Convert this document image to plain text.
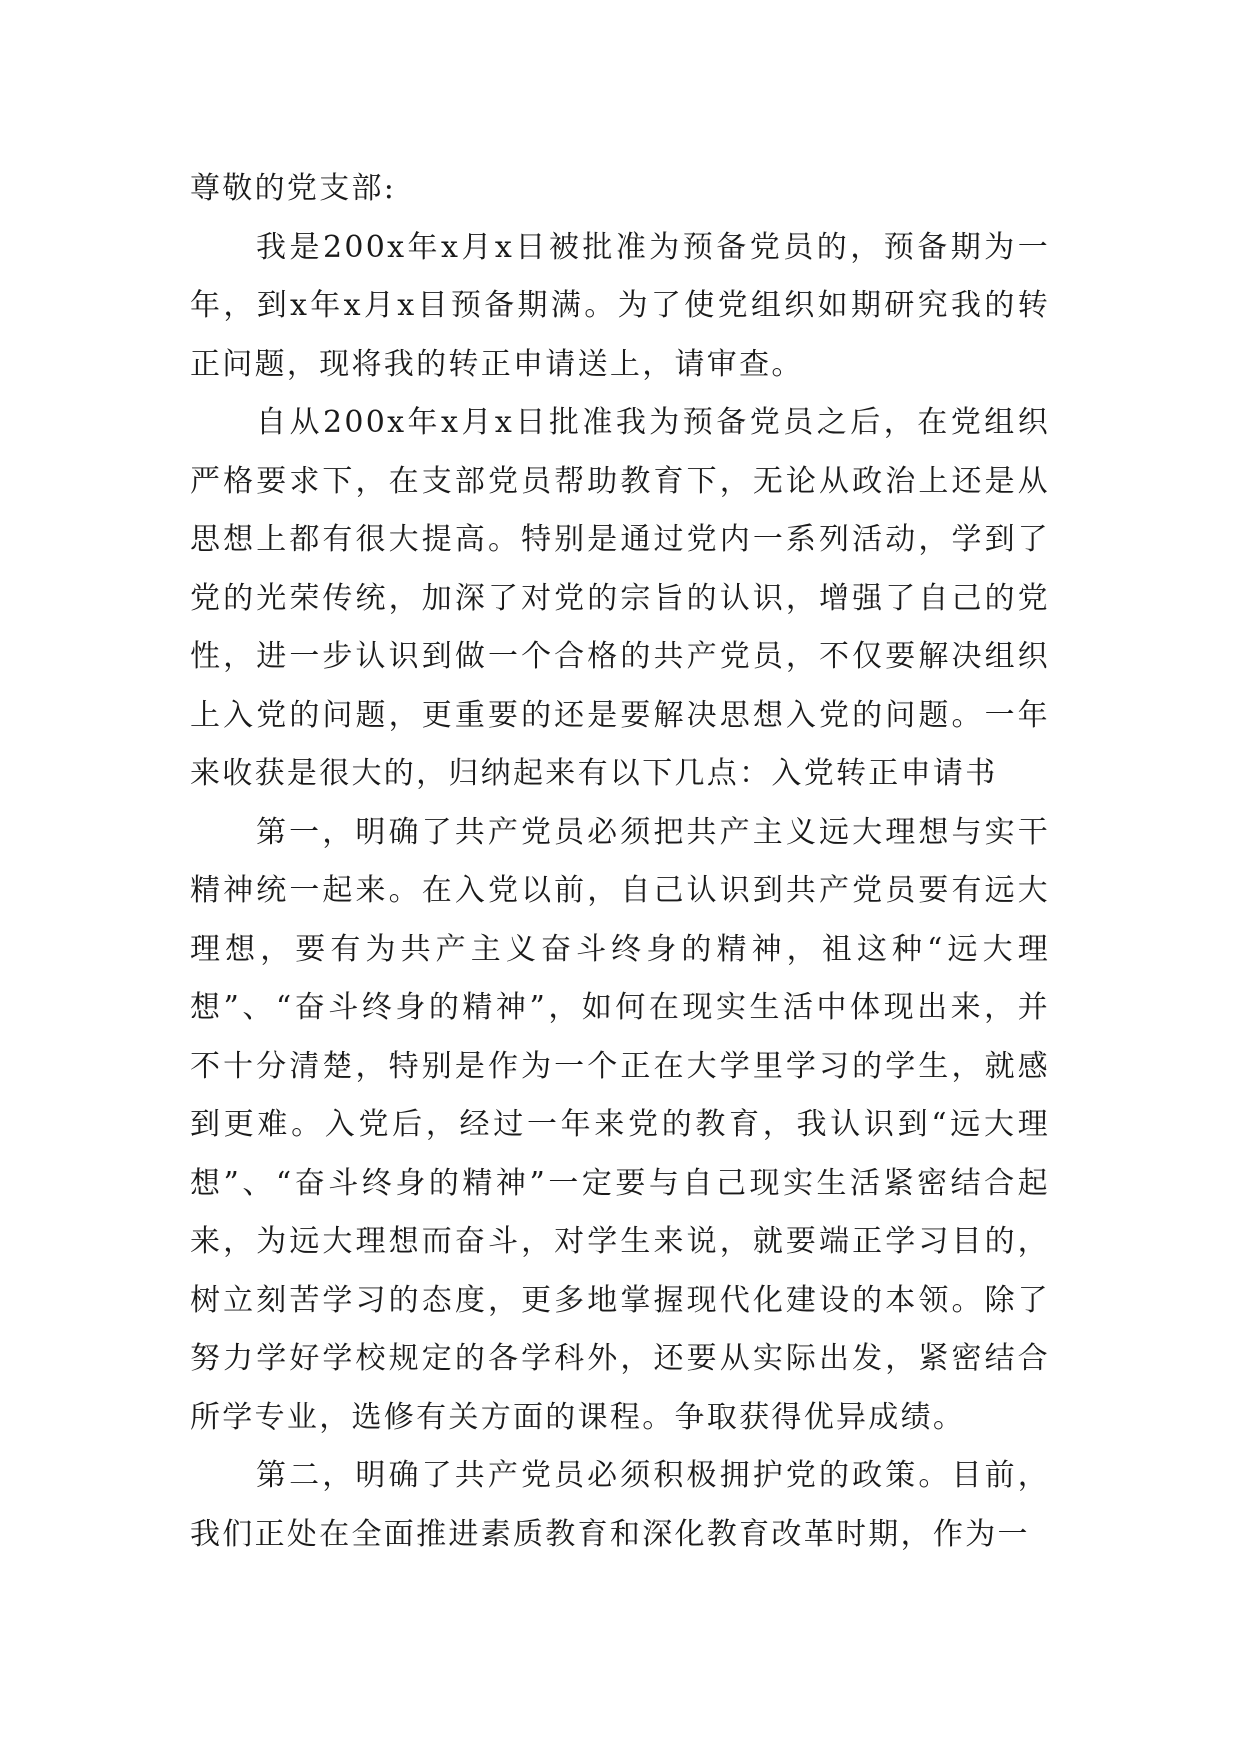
尊敬的党支部:

我是200x年x月x日被批准为预备党员的，预备期为一年，到x年x月x目预备期满。为了使党组织如期研究我的转正问题，现将我的转正申请送上，请审查。

自从200x年x月x日批准我为预备党员之后，在党组织严格要求下，在支部党员帮助教育下，无论从政治上还是从思想上都有很大提高。特别是通过党内一系列活动，学到了党的光荣传统，加深了对党的宗旨的认识，增强了自己的党性，进一步认识到做一个合格的共产党员，不仅要解决组织上入党的问题，更重要的还是要解决思想入党的问题。一年来收获是很大的，归纳起来有以下几点：入党转正申请书

第一，明确了共产党员必须把共产主义远大理想与实干精神统一起来。在入党以前，自己认识到共产党员要有远大理想，要有为共产主义奋斗终身的精神，祖这种“远大理想”、“奋斗终身的精神”，如何在现实生活中体现出来，并不十分清楚，特别是作为一个正在大学里学习的学生，就感到更难。入党后，经过一年来党的教育，我认识到“远大理想”、“奋斗终身的精神”一定要与自己现实生活紧密结合起来，为远大理想而奋斗，对学生来说，就要端正学习目的，树立刻苦学习的态度，更多地掌握现代化建设的本领。除了努力学好学校规定的各学科外，还要从实际出发，紧密结合所学专业，选修有关方面的课程。争取获得优异成绩。

第二，明确了共产党员必须积极拥护党的政策。目前，我们正处在全面推进素质教育和深化教育改革时期，作为一
